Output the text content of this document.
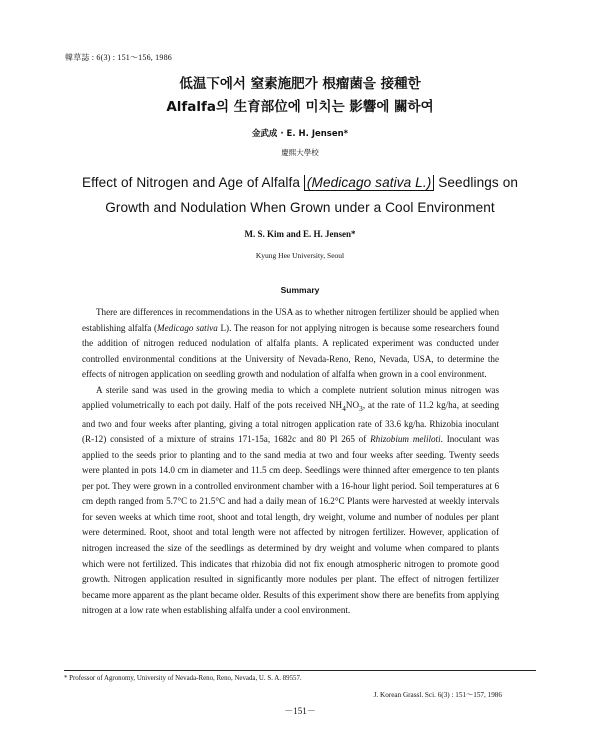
韓草誌 : 6(3) : 151～156, 1986
低温下에서 窒素施肥가 根瘤菌을 接種한
Alfalfa의 生育部位에 미치는 影響에 關하여
金武成 · E. H. Jensen*
慶熙大學校
Effect of Nitrogen and Age of Alfalfa (Medicago sativa L.) Seedlings on
Growth and Nodulation When Grown under a Cool Environment
M. S. Kim and E. H. Jensen*
Kyung Hee University, Seoul
Summary

There are differences in recommendations in the USA as to whether nitrogen fertilizer should be applied when establishing alfalfa (Medicago sativa L). The reason for not applying nitrogen is because some researchers found the addition of nitrogen reduced nodulation of alfalfa plants. A replicated experiment was conducted under controlled environmental conditions at the University of Nevada-Reno, Reno, Nevada, USA, to determine the effects of nitrogen application on seedling growth and nodulation of alfalfa when grown in a cool environment.

A sterile sand was used in the growing media to which a complete nutrient solution minus nitrogen was applied volumetrically to each pot daily. Half of the pots received $NH_4NO_3$, at the rate of 11.2 kg/ha, at seeding and two and four weeks after planting, giving a total nitrogen application rate of 33.6 kg/ha. Rhizobia inoculant (R-12) consisted of a mixture of strains 171-15a, 1682c and 80 Pl 265 of Rhizobium meliloti. Inoculant was applied to the seeds prior to planting and to the sand media at two and four weeks after seeding. Twenty seeds were planted in pots 14.0 cm in diameter and 11.5 cm deep. Seedlings were thinned after emergence to ten plants per pot. They were grown in a controlled environment chamber with a 16-hour light period. Soil temperatures at 6 cm depth ranged from 5.7°C to 21.5°C and had a daily mean of 16.2°C Plants were harvested at weekly intervals for seven weeks at which time root, shoot and total length, dry weight, volume and number of nodules per plant were determined. Root, shoot and total length were not affected by nitrogen fertilizer. However, application of nitrogen increased the size of the seedlings as determined by dry weight and volume when compared to plants which were not fertilized. This indicates that rhizobia did not fix enough atmospheric nitrogen to promote good growth. Nitrogen application resulted in significantly more nodules per plant. The effect of nitrogen fertilizer became more apparent as the plant became older. Results of this experiment show there are benefits from applying nitrogen at a low rate when establishing alfalfa under a cool environment.

* Professor of Agronomy, University of Nevada-Reno, Reno, Nevada, U. S. A. 89557.
J. Korean Grassl. Sci. 6(3) : 151～157, 1986
－151－
